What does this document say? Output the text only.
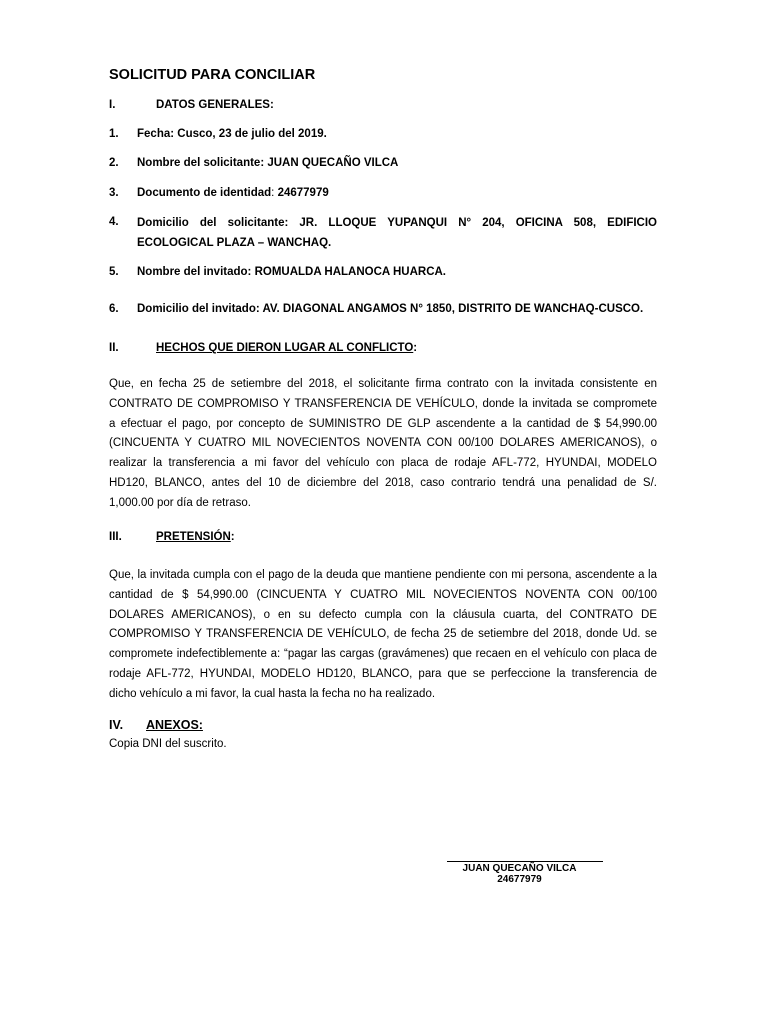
SOLICITUD PARA CONCILIAR
I.	DATOS GENERALES:
1. Fecha: Cusco, 23 de julio del 2019.
2. Nombre del solicitante: JUAN QUECAÑO VILCA
3. Documento de identidad: 24677979
4. Domicilio del solicitante: JR. LLOQUE YUPANQUI N° 204, OFICINA 508, EDIFICIO
ECOLOGICAL PLAZA – WANCHAQ.
5. Nombre del invitado: ROMUALDA HALANOCA HUARCA.
6. Domicilio del invitado: AV. DIAGONAL ANGAMOS N° 1850, DISTRITO DE WANCHAQ-CUSCO.
II.	HECHOS QUE DIERON LUGAR AL CONFLICTO:
Que, en fecha 25 de setiembre del 2018, el solicitante firma contrato con la invitada consistente en
CONTRATO DE COMPROMISO Y TRANSFERENCIA DE VEHÍCULO, donde la invitada se compromete
a efectuar el pago, por concepto de SUMINISTRO DE GLP ascendente a la cantidad de $ 54,990.00
(CINCUENTA Y CUATRO MIL NOVECIENTOS NOVENTA CON 00/100 DOLARES AMERICANOS), o
realizar la transferencia a mi favor del vehículo con placa de rodaje AFL-772, HYUNDAI, MODELO
HD120, BLANCO, antes del 10 de diciembre del 2018, caso contrario tendrá una penalidad de S/.
1,000.00 por día de retraso.
III.	PRETENSIÓN:
Que, la invitada cumpla con el pago de la deuda que mantiene pendiente con mi persona, ascendente a la
cantidad de $ 54,990.00 (CINCUENTA Y CUATRO MIL NOVECIENTOS NOVENTA CON 00/100
DOLARES AMERICANOS), o en su defecto cumpla con la cláusula cuarta, del CONTRATO DE
COMPROMISO Y TRANSFERENCIA DE VEHÍCULO, de fecha 25 de setiembre del 2018, donde Ud. se
compromete indefectiblemente a: “pagar las cargas (gravámenes) que recaen en el vehículo con placa de
rodaje AFL-772, HYUNDAI, MODELO HD120, BLANCO, para que se perfeccione la transferencia de
dicho vehículo a mi favor, la cual hasta la fecha no ha realizado.
IV. ANEXOS:
Copia DNI del suscrito.
JUAN QUECAÑO VILCA
24677979
